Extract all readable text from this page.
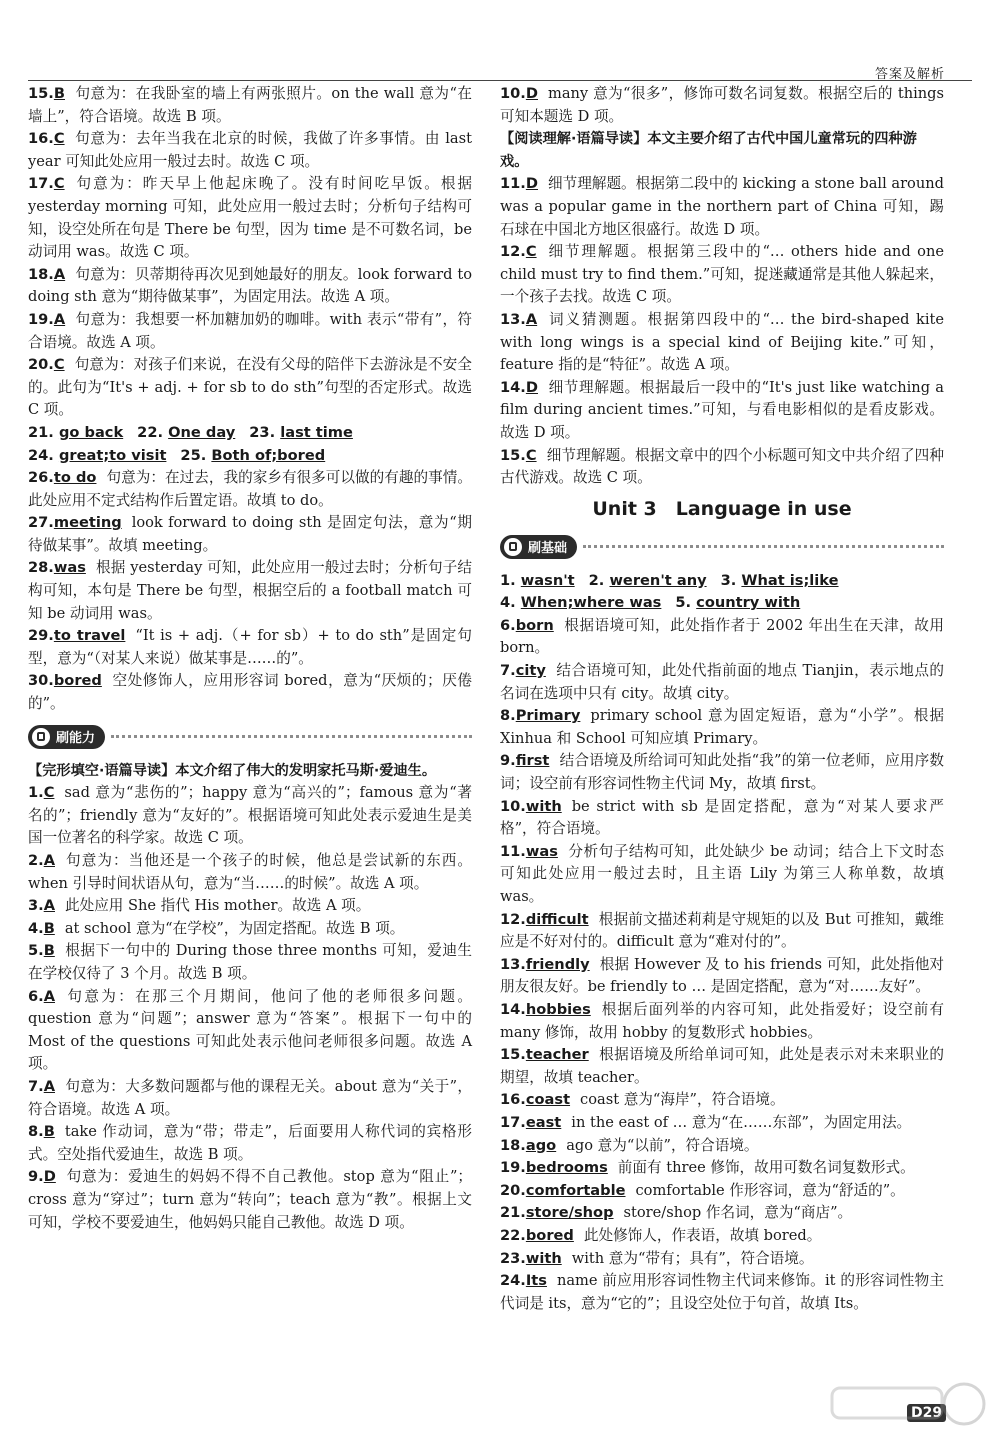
答案及解析

15.B 句意为：在我卧室的墙上有两张照片。on the wall 意为“在墙上”，符合语境。故选 B 项。

16.C 句意为：去年当我在北京的时候，我做了许多事情。由 last year 可知此处应用一般过去时。故选 C 项。

17.C 句意为：昨天早上他起床晚了。没有时间吃早饭。根据 yesterday morning 可知，此处应用一般过去时；分析句子结构可知，设空处所在句是 There be 句型，因为 time 是不可数名词，be 动词用 was。故选 C 项。

18.A 句意为：贝蒂期待再次见到她最好的朋友。look forward to doing sth 意为“期待做某事”，为固定用法。故选 A 项。

19.A 句意为：我想要一杯加糖加奶的咖啡。with 表示“带有”，符合语境。故选 A 项。

20.C 句意为：对孩子们来说，在没有父母的陪伴下去游泳是不安全的。此句为“It's + adj. + for sb to do sth”句型的否定形式。故选 C 项。

21. go back 22. One day 23. last time

24. great;to visit 25. Both of;bored

26.to do 句意为：在过去，我的家乡有很多可以做的有趣的事情。此处应用不定式结构作后置定语。故填 to do。

27.meeting look forward to doing sth 是固定句法，意为“期待做某事”。故填 meeting。

28.was 根据 yesterday 可知，此处应用一般过去时；分析句子结构可知，本句是 There be 句型，根据空后的 a football match 可知 be 动词用 was。

29.to travel “It is + adj.（+ for sb）+ to do sth”是固定句型，意为“（对某人来说）做某事是……的”。

30.bored 空处修饰人，应用形容词 bored，意为“厌烦的；厌倦的”。

刷能力

【完形填空·语篇导读】本文介绍了伟大的发明家托马斯·爱迪生。

1.C sad 意为“悲伤的”；happy 意为“高兴的”；famous 意为“著名的”；friendly 意为“友好的”。根据语境可知此处表示爱迪生是美国一位著名的科学家。故选 C 项。

2.A 句意为：当他还是一个孩子的时候，他总是尝试新的东西。when 引导时间状语从句，意为“当……的时候”。故选 A 项。

3.A 此处应用 She 指代 His mother。故选 A 项。

4.B at school 意为“在学校”，为固定搭配。故选 B 项。

5.B 根据下一句中的 During those three months 可知，爱迪生在学校仅待了 3 个月。故选 B 项。

6.A 句意为：在那三个月期间，他问了他的老师很多问题。question 意为“问题”；answer 意为“答案”。根据下一句中的 Most of the questions 可知此处表示他问老师很多问题。故选 A 项。

7.A 句意为：大多数问题都与他的课程无关。about 意为“关于”，符合语境。故选 A 项。

8.B take 作动词，意为“带；带走”，后面要用人称代词的宾格形式。空处指代爱迪生，故选 B 项。

9.D 句意为：爱迪生的妈妈不得不自己教他。stop 意为“阻止”；cross 意为“穿过”；turn 意为“转向”；teach 意为“教”。根据上文可知，学校不要爱迪生，他妈妈只能自己教他。故选 D 项。

10.D many 意为“很多”，修饰可数名词复数。根据空后的 things 可知本题选 D 项。

【阅读理解·语篇导读】本文主要介绍了古代中国儿童常玩的四种游戏。

11.D 细节理解题。根据第二段中的 kicking a stone ball around was a popular game in the northern part of China 可知，踢石球在中国北方地区很盛行。故选 D 项。

12.C 细节理解题。根据第三段中的“… others hide and one child must try to find them.”可知，捉迷藏通常是其他人躲起来，一个孩子去找。故选 C 项。

13.A 词义猜测题。根据第四段中的“… the bird-shaped kite with long wings is a special kind of Beijing kite.”可知，feature 指的是“特征”。故选 A 项。

14.D 细节理解题。根据最后一段中的“It's just like watching a film during ancient times.”可知，与看电影相似的是看皮影戏。故选 D 项。

15.C 细节理解题。根据文章中的四个小标题可知文中共介绍了四种古代游戏。故选 C 项。

Unit 3　Language in use
刷基础

1. wasn't 2. weren't any 3. What is;like

4. When;where was 5. country with

6.born 根据语境可知，此处指作者于 2002 年出生在天津，故用 born。

7.city 结合语境可知，此处代指前面的地点 Tianjin，表示地点的名词在选项中只有 city。故填 city。

8.Primary primary school 意为固定短语，意为“小学”。根据 Xinhua 和 School 可知应填 Primary。

9.first 结合语境及所给词可知此处指“我”的第一位老师，应用序数词；设空前有形容词性物主代词 My，故填 first。

10.with be strict with sb 是固定搭配，意为“对某人要求严格”，符合语境。

11.was 分析句子结构可知，此处缺少 be 动词；结合上下文时态可知此处应用一般过去时，且主语 Lily 为第三人称单数，故填 was。

12.difficult 根据前文描述莉莉是守规矩的以及 But 可推知，戴维应是不好对付的。difficult 意为“难对付的”。

13.friendly 根据 However 及 to his friends 可知，此处指他对朋友很友好。be friendly to … 是固定搭配，意为“对……友好”。

14.hobbies 根据后面列举的内容可知，此处指爱好；设空前有 many 修饰，故用 hobby 的复数形式 hobbies。

15.teacher 根据语境及所给单词可知，此处是表示对未来职业的期望，故填 teacher。

16.coast coast 意为“海岸”，符合语境。

17.east in the east of … 意为“在……东部”，为固定用法。

18.ago ago 意为“以前”，符合语境。

19.bedrooms 前面有 three 修饰，故用可数名词复数形式。

20.comfortable comfortable 作形容词，意为“舒适的”。

21.store/shop store/shop 作名词，意为“商店”。

22.bored 此处修饰人，作表语，故填 bored。

23.with with 意为“带有；具有”，符合语境。

24.Its name 前应用形容词性物主代词来修饰。it 的形容词性物主代词是 its，意为“它的”；且设空处位于句首，故填 Its。

D29
